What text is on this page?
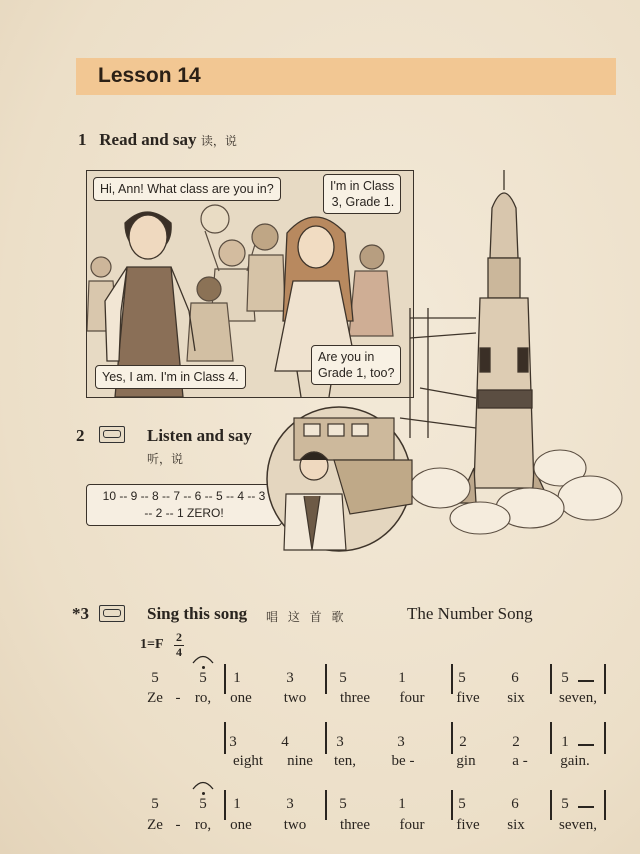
Lesson 14
1 Read and say 读，说
Hi, Ann! What class are you in?	I'm in Class
3, Grade 1.
Are you in
Grade 1, too?
Yes, I am. I'm in Class 4.
2	Listen and say
听，说
10 -- 9 -- 8 -- 7 -- 6 -- 5 -- 4 -- 3
-- 2 -- 1 ZERO!
*3	Sing this song 唱 这 首 歌	The Number Song
1=F 2
4
5	5 1	3	5	1	5	6	5
Ze - ro, one two three four five six seven,
5	5 1	3	5	1	5	6	5
Ze - ro, one two three four five six seven,
3	4	3	3	2	2	1
eight nine ten, be -	gin a - gain.
